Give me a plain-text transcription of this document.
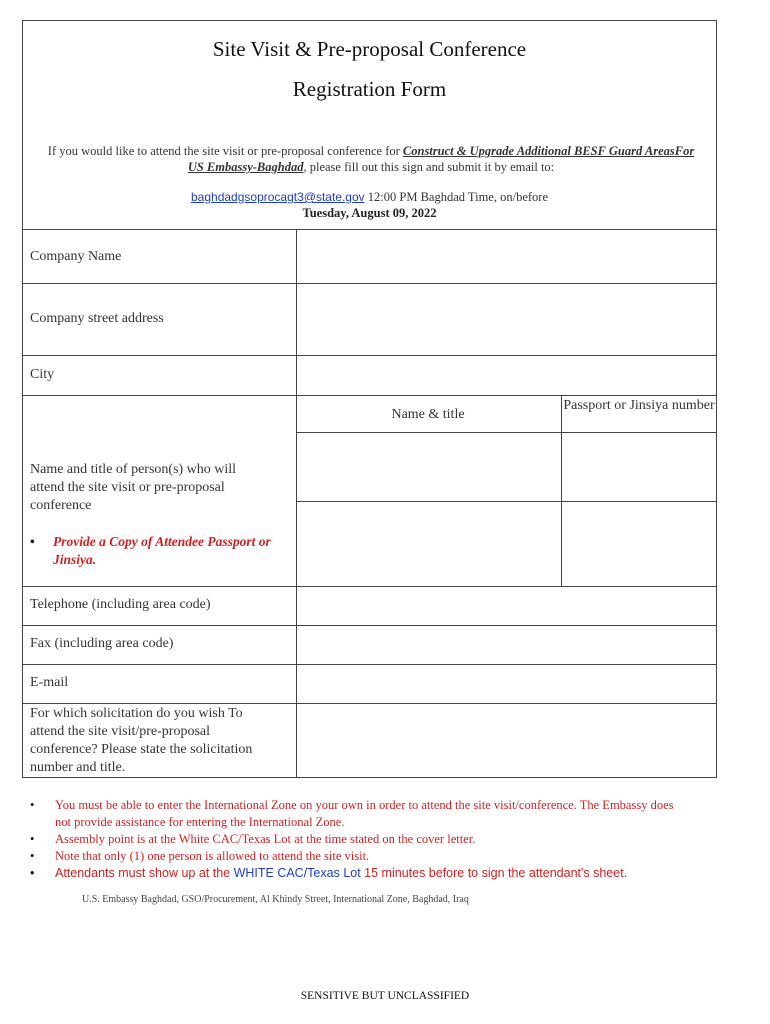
Site Visit & Pre-proposal Conference
Registration Form
If you would like to attend the site visit or pre-proposal conference for Construct & Upgrade Additional BESF Guard AreasFor US Embassy-Baghdad, please fill out this sign and submit it by email to:
baghdadgsoprocagt3@state.gov 12:00 PM Baghdad Time, on/before
Tuesday, August 09, 2022
Company Name
Company street address
City
Name & title
Passport or Jinsiya number
Name and title of person(s) who will attend the site visit or pre-proposal conference
• Provide a Copy of Attendee Passport or Jinsiya.
Telephone (including area code)
Fax (including area code)
E-mail
For which solicitation do you wish To attend the site visit/pre-proposal conference? Please state the solicitation number and title.
• You must be able to enter the International Zone on your own in order to attend the site visit/conference. The Embassy does not provide assistance for entering the International Zone.
• Assembly point is at the White CAC/Texas Lot at the time stated on the cover letter.
• Note that only (1) one person is allowed to attend the site visit.
• Attendants must show up at the WHITE CAC/Texas Lot 15 minutes before to sign the attendant's sheet.
U.S. Embassy Baghdad, GSO/Procurement, Al Khindy Street, International Zone, Baghdad, Iraq
SENSITIVE BUT UNCLASSIFIED
